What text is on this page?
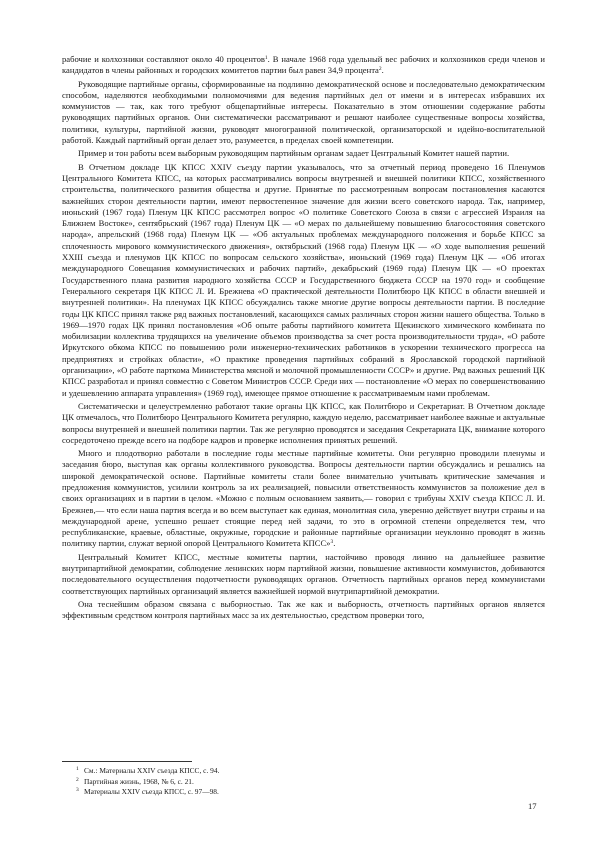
рабочие и колхозники составляют около 40 процентов$^1$. В начале 1968 года удельный вес рабочих и колхозников среди членов и кандидатов в члены районных и городских комитетов партии был равен 34,9 процента$^2$.

Руководящие партийные органы, сформированные на подлинно демократической основе и последовательно демократическим способом, наделяются необходимыми полномочиями для ведения партийных дел от имени и в интересах избравших их коммунистов — так, как того требуют общепартийные интересы. Показательно в этом отношении содержание работы руководящих партийных органов. Они систематически рассматривают и решают наиболее существенные вопросы хозяйства, политики, культуры, партийной жизни, руководят многогранной политической, организаторской и идейно-воспитательной работой. Каждый партийный орган делает это, разумеется, в пределах своей компетенции.

Пример и тон работы всем выборным руководящим партийным органам задает Центральный Комитет нашей партии.

В Отчетном докладе ЦК КПСС XXIV съезду партии указывалось, что за отчетный период проведено 16 Пленумов Центрального Комитета КПСС, на которых рассматривались вопросы внутренней и внешней политики КПСС, хозяйственного строительства, политического развития общества и другие. Принятые по рассмотренным вопросам постановления касаются важнейших сторон деятельности партии, имеют первостепенное значение для жизни всего советского народа. Так, например, июньский (1967 года) Пленум ЦК КПСС рассмотрел вопрос «О политике Советского Союза в связи с агрессией Израиля на Ближнем Востоке», сентябрьский (1967 года) Пленум ЦК — «О мерах по дальнейшему повышению благосостояния советского народа», апрельский (1968 года) Пленум ЦК — «Об актуальных проблемах международного положения и борьбе КПСС за сплоченность мирового коммунистического движения», октябрьский (1968 года) Пленум ЦК — «О ходе выполнения решений XXIII съезда и пленумов ЦК КПСС по вопросам сельского хозяйства», июньский (1969 года) Пленум ЦК — «Об итогах международного Совещания коммунистических и рабочих партий», декабрьский (1969 года) Пленум ЦК — «О проектах Государственного плана развития народного хозяйства СССР и Государственного бюджета СССР на 1970 год» и сообщение Генерального секретаря ЦК КПСС Л. И. Брежнева «О практической деятельности Политбюро ЦК КПСС в области внешней и внутренней политики». На пленумах ЦК КПСС обсуждались также многие другие вопросы деятельности партии. В последние годы ЦК КПСС принял также ряд важных постановлений, касающихся самых различных сторон жизни нашего общества. Только в 1969—1970 годах ЦК принял постановления «Об опыте работы партийного комитета Щекинского химического комбината по мобилизации коллектива трудящихся на увеличение объемов производства за счет роста производительности труда», «О работе Иркутского обкома КПСС по повышению роли инженерно-технических работников в ускорении технического прогресса на предприятиях и стройках области», «О практике проведения партийных собраний в Ярославской городской партийной организации», «О работе парткома Министерства мясной и молочной промышленности СССР» и другие. Ряд важных решений ЦК КПСС разработал и принял совместно с Советом Министров СССР. Среди них — постановление «О мерах по совершенствованию и удешевлению аппарата управления» (1969 год), имеющее прямое отношение к рассматриваемым нами проблемам.

Систематически и целеустремленно работают такие органы ЦК КПСС, как Политбюро и Секретариат. В Отчетном докладе ЦК отмечалось, что Политбюро Центрального Комитета регулярно, каждую неделю, рассматривает наиболее важные и актуальные вопросы внутренней и внешней политики партии. Так же регулярно проводятся и заседания Секретариата ЦК, внимание которого сосредоточено прежде всего на подборе кадров и проверке исполнения принятых решений.

Много и плодотворно работали в последние годы местные партийные комитеты. Они регулярно проводили пленумы и заседания бюро, выступая как органы коллективного руководства. Вопросы деятельности партии обсуждались и решались на широкой демократической основе. Партийные комитеты стали более внимательно учитывать критические замечания и предложения коммунистов, усилили контроль за их реализацией, повысили ответственность коммунистов за положение дел в своих организациях и в партии в целом. «Можно с полным основанием заявить,— говорил с трибуны XXIV съезда КПСС Л. И. Брежнев,— что если наша партия всегда и во всем выступает как единая, монолитная сила, уверенно действует внутри страны и на международной арене, успешно решает стоящие перед ней задачи, то это в огромной степени определяется тем, что республиканские, краевые, областные, окружные, городские и районные партийные организации неуклонно проводят в жизнь политику партии, служат верной опорой Центрального Комитета КПСС»$^3$.

Центральный Комитет КПСС, местные комитеты партии, настойчиво проводя линию на дальнейшее развитие внутрипартийной демократии, соблюдение ленинских норм партийной жизни, повышение активности коммунистов, добиваются последовательного осуществления подотчетности руководящих органов. Отчетность партийных органов перед коммунистами соответствующих партийных организаций является важнейшей нормой внутрипартийной демократии.

Она теснейшим образом связана с выборностью. Так же как и выборность, отчетность партийных органов является эффективным средством контроля партийных масс за их деятельностью, средством проверки того,

1 См.: Материалы XXIV съезда КПСС, с. 94.
2 Партийная жизнь, 1968, № 6, с. 21.
3 Материалы XXIV съезда КПСС, с. 97—98.
17
